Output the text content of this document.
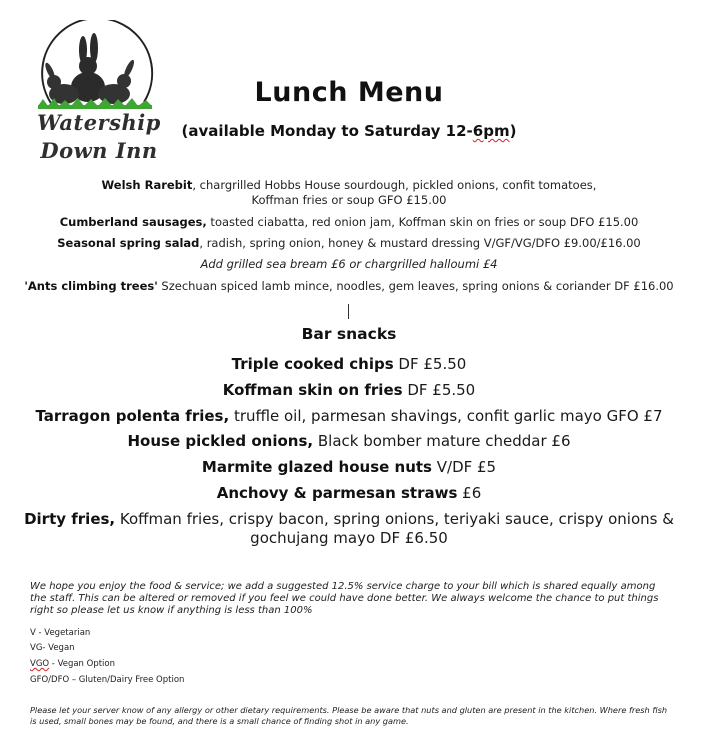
Watership
Down Inn
Lunch Menu
(available Monday to Saturday 12-6pm)
Welsh Rarebit, chargrilled Hobbs House sourdough, pickled onions, confit tomatoes,
Koffman fries or soup GFO £15.00
Cumberland sausages, toasted ciabatta, red onion jam, Koffman skin on fries or soup DFO £15.00
Seasonal spring salad, radish, spring onion, honey & mustard dressing V/GF/VG/DFO £9.00/£16.00
Add grilled sea bream £6 or chargrilled halloumi £4
'Ants climbing trees' Szechuan spiced lamb mince, noodles, gem leaves, spring onions & coriander DF £16.00
Bar snacks
Triple cooked chips DF £5.50
Koffman skin on fries DF £5.50
Tarragon polenta fries, truffle oil, parmesan shavings, confit garlic mayo GFO £7
House pickled onions, Black bomber mature cheddar £6
Marmite glazed house nuts V/DF £5
Anchovy & parmesan straws £6
Dirty fries, Koffman fries, crispy bacon, spring onions, teriyaki sauce, crispy onions &
gochujang mayo DF £6.50
We hope you enjoy the food & service; we add a suggested 12.5% service charge to your bill which is shared equally among the staff. This can be altered or removed if you feel we could have done better. We always welcome the chance to put things right so please let us know if anything is less than 100%
V - Vegetarian
VG- Vegan
VGO - Vegan Option
GFO/DFO – Gluten/Dairy Free Option
Please let your server know of any allergy or other dietary requirements. Please be aware that nuts and gluten are present in the kitchen. Where fresh fish is used, small bones may be found, and there is a small chance of finding shot in any game.
